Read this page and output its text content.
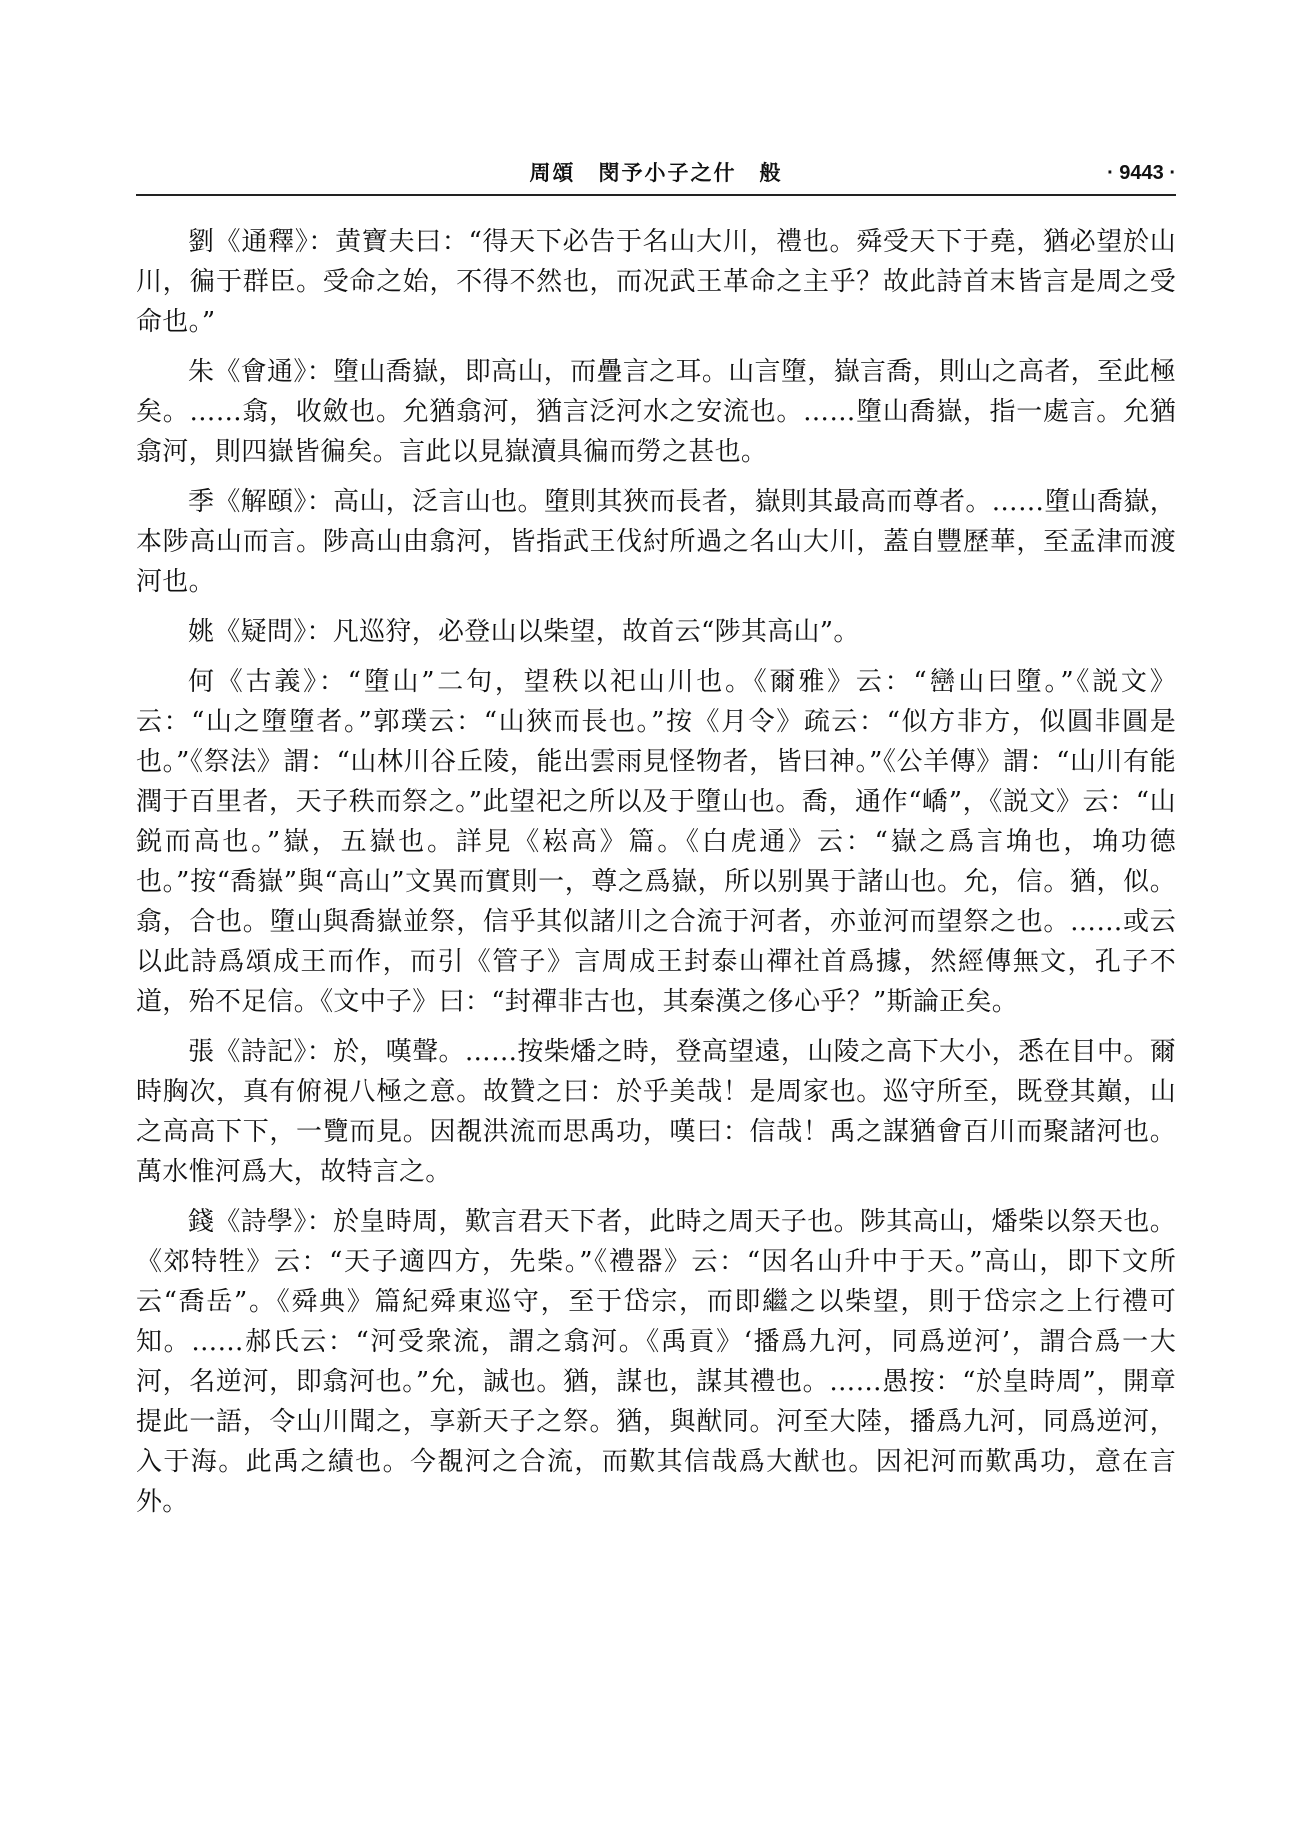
周頌　閔予小子之什　般	· 9443 ·

劉《通釋》：黄寶夫曰：“得天下必告于名山大川，禮也。舜受天下于堯，猶必望於山川，徧于群臣。受命之始，不得不然也，而况武王革命之主乎？故此詩首末皆言是周之受命也。”

朱《會通》：墮山喬嶽，即高山，而疊言之耳。山言墮，嶽言喬，則山之高者，至此極矣。……翕，收斂也。允猶翕河，猶言泛河水之安流也。……墮山喬嶽，指一處言。允猶翕河，則四嶽皆徧矣。言此以見嶽瀆具徧而勞之甚也。

季《解頤》：高山，泛言山也。墮則其狹而長者，嶽則其最高而尊者。……墮山喬嶽，本陟高山而言。陟高山由翕河，皆指武王伐紂所過之名山大川，蓋自豐歷華，至孟津而渡河也。

姚《疑問》：凡巡狩，必登山以柴望，故首云“陟其高山”。

何《古義》：“墮山”二句，望秩以祀山川也。《爾雅》云：“巒山曰墮。”《説文》云：“山之墮墮者。”郭璞云：“山狹而長也。”按《月令》疏云：“似方非方，似圓非圓是也。”《祭法》謂：“山林川谷丘陵，能出雲雨見怪物者，皆曰神。”《公羊傳》謂：“山川有能潤于百里者，天子秩而祭之。”此望祀之所以及于墮山也。喬，通作“嶠”，《説文》云：“山鋭而高也。”嶽，五嶽也。詳見《崧高》篇。《白虎通》云：“嶽之爲言埆也，埆功德也。”按“喬嶽”與“高山”文異而實則一，尊之爲嶽，所以别異于諸山也。允，信。猶，似。翕，合也。墮山與喬嶽並祭，信乎其似諸川之合流于河者，亦並河而望祭之也。……或云以此詩爲頌成王而作，而引《管子》言周成王封泰山禪社首爲據，然經傳無文，孔子不道，殆不足信。《文中子》曰：“封禪非古也，其秦漢之侈心乎？”斯論正矣。

張《詩記》：於，嘆聲。……按柴燔之時，登高望遠，山陵之高下大小，悉在目中。爾時胸次，真有俯視八極之意。故贊之曰：於乎美哉！是周家也。巡守所至，既登其巔，山之高高下下，一覽而見。因覩洪流而思禹功，嘆曰：信哉！禹之謀猶會百川而聚諸河也。萬水惟河爲大，故特言之。

錢《詩學》：於皇時周，歎言君天下者，此時之周天子也。陟其高山，燔柴以祭天也。《郊特牲》云：“天子適四方，先柴。”《禮器》云：“因名山升中于天。”高山，即下文所云“喬岳”。《舜典》篇紀舜東巡守，至于岱宗，而即繼之以柴望，則于岱宗之上行禮可知。……郝氏云：“河受衆流，謂之翕河。《禹貢》‘播爲九河，同爲逆河’，謂合爲一大河，名逆河，即翕河也。”允，誠也。猶，謀也，謀其禮也。……愚按：“於皇時周”，開章提此一語，令山川聞之，享新天子之祭。猶，與猷同。河至大陸，播爲九河，同爲逆河，入于海。此禹之績也。今覩河之合流，而歎其信哉爲大猷也。因祀河而歎禹功，意在言外。
